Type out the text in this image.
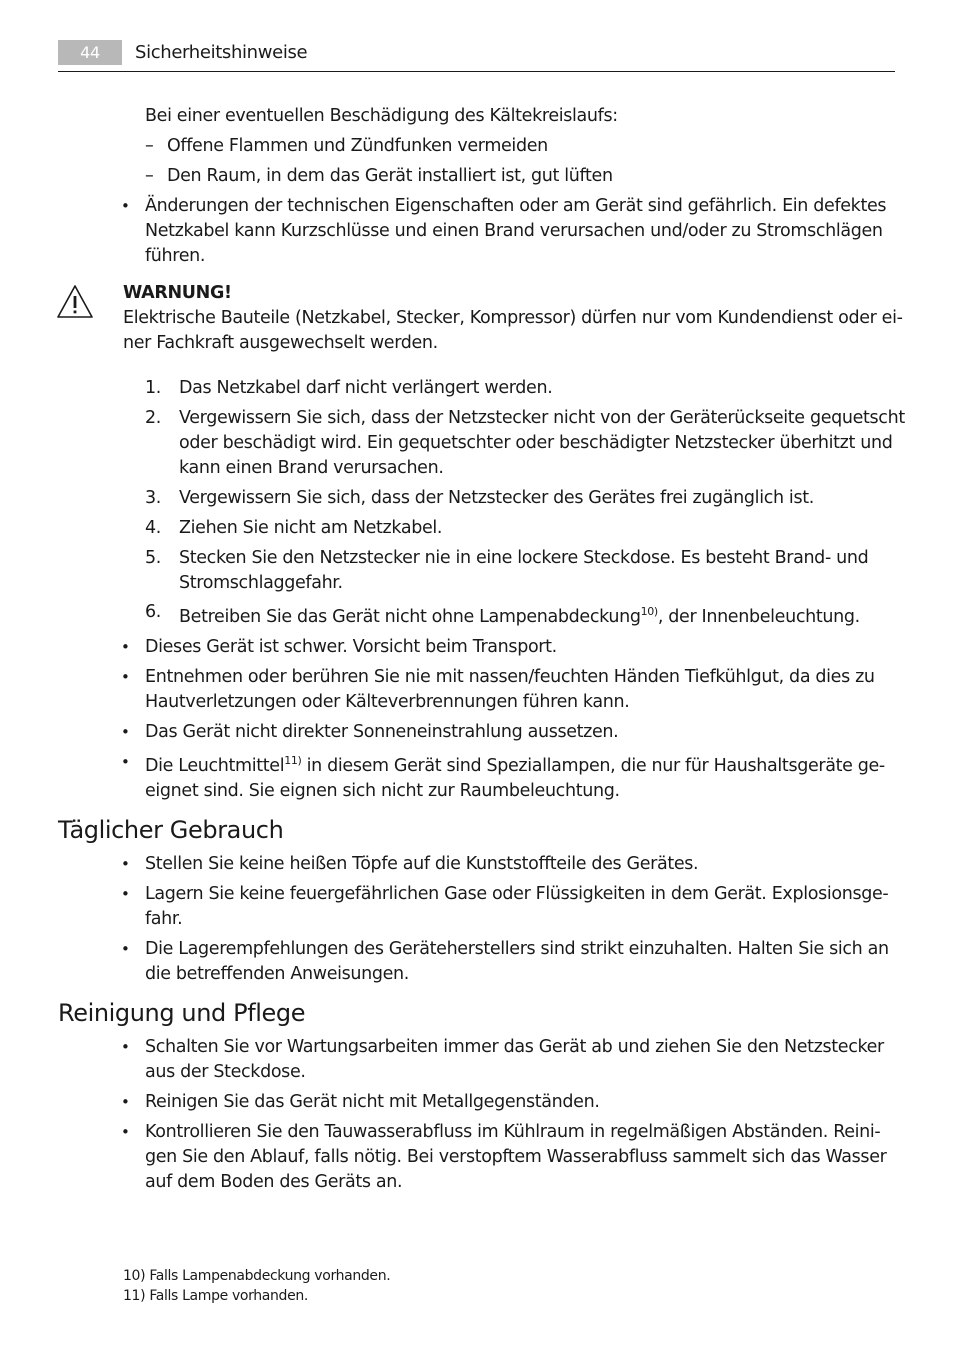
44	Sicherheitshinweise
Bei einer eventuellen Beschädigung des Kältekreislaufs:
– Offene Flammen und Zündfunken vermeiden
– Den Raum, in dem das Gerät installiert ist, gut lüften
• Änderungen der technischen Eigenschaften oder am Gerät sind gefährlich. Ein defektes
Netzkabel kann Kurzschlüsse und einen Brand verursachen und/oder zu Stromschlägen
führen.
WARNUNG!
Elektrische Bauteile (Netzkabel, Stecker, Kompressor) dürfen nur vom Kundendienst oder ei-
ner Fachkraft ausgewechselt werden.
1. Das Netzkabel darf nicht verlängert werden.
2. Vergewissern Sie sich, dass der Netzstecker nicht von der Geräterückseite gequetscht
oder beschädigt wird. Ein gequetschter oder beschädigter Netzstecker überhitzt und
kann einen Brand verursachen.
3. Vergewissern Sie sich, dass der Netzstecker des Gerätes frei zugänglich ist.
4. Ziehen Sie nicht am Netzkabel.
5. Stecken Sie den Netzstecker nie in eine lockere Steckdose. Es besteht Brand- und
Stromschlaggefahr.
6. Betreiben Sie das Gerät nicht ohne Lampenabdeckung$^{10)}$, der Innenbeleuchtung.
• Dieses Gerät ist schwer. Vorsicht beim Transport.
• Entnehmen oder berühren Sie nie mit nassen/feuchten Händen Tiefkühlgut, da dies zu
Hautverletzungen oder Kälteverbrennungen führen kann.
• Das Gerät nicht direkter Sonneneinstrahlung aussetzen.
• Die Leuchtmittel$^{11)}$ in diesem Gerät sind Speziallampen, die nur für Haushaltsgeräte ge-
eignet sind. Sie eignen sich nicht zur Raumbeleuchtung.
Täglicher Gebrauch
• Stellen Sie keine heißen Töpfe auf die Kunststoffteile des Gerätes.
• Lagern Sie keine feuergefährlichen Gase oder Flüssigkeiten in dem Gerät. Explosionsge-
fahr.
• Die Lagerempfehlungen des Geräteherstellers sind strikt einzuhalten. Halten Sie sich an
die betreffenden Anweisungen.
Reinigung und Pflege
• Schalten Sie vor Wartungsarbeiten immer das Gerät ab und ziehen Sie den Netzstecker
aus der Steckdose.
• Reinigen Sie das Gerät nicht mit Metallgegenständen.
• Kontrollieren Sie den Tauwasserabfluss im Kühlraum in regelmäßigen Abständen. Reini-
gen Sie den Ablauf, falls nötig. Bei verstopftem Wasserabfluss sammelt sich das Wasser
auf dem Boden des Geräts an.
10) Falls Lampenabdeckung vorhanden.
11) Falls Lampe vorhanden.
